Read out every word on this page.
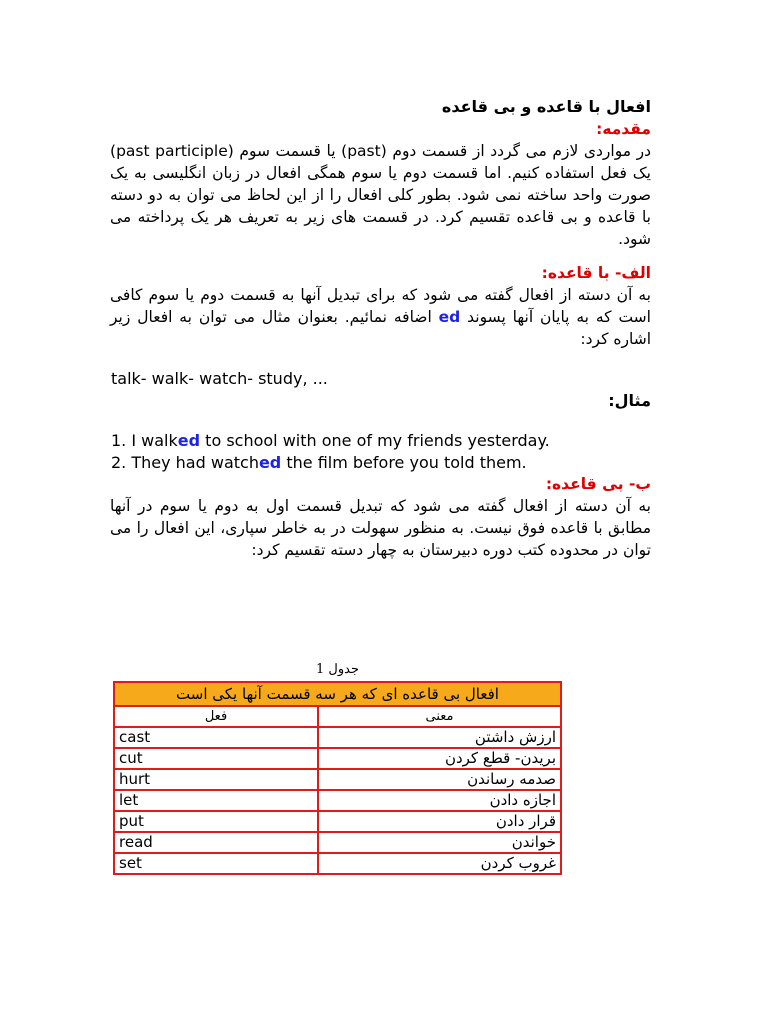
افعال با قاعده و بی قاعده
مقدمه:
در مواردی لازم می گردد از قسمت دوم (past) یا قسمت سوم (past participle) یک فعل استفاده کنیم. اما قسمت دوم یا سوم همگی افعال در زبان انگلیسی به یک صورت واحد ساخته نمی شود. بطور کلی افعال را از این لحاظ می توان به دو دسته با قاعده و بی قاعده تقسیم کرد. در قسمت های زیر به تعریف هر یک پرداخته می شود.
الف- با قاعده:
به آن دسته از افعال گفته می شود که برای تبدیل آنها به قسمت دوم یا سوم کافی است که به پایان آنها پسوند ed اضافه نمائیم. بعنوان مثال می توان به افعال زیر اشاره کرد:
talk- walk- watch- study, ...
مثال:
1. I walked to school with one of my friends yesterday.
2. They had watched the film before you told them.
ب- بی قاعده:
به آن دسته از افعال گفته می شود که تبدیل قسمت اول به دوم یا سوم در آنها مطابق با قاعده فوق نیست. به منظور سهولت در به خاطر سپاری، این افعال را می توان در محدوده کتب دوره دبیرستان به چهار دسته تقسیم کرد:
جدول 1
افعال بی قاعده ای که هر سه قسمت آنها یکی است	
فعل	معنی
cast	ارزش داشتن
cut	بریدن- قطع کردن
hurt	صدمه رساندن
let	اجازه دادن
put	قرار دادن
read	خواندن
set	غروب کردن
